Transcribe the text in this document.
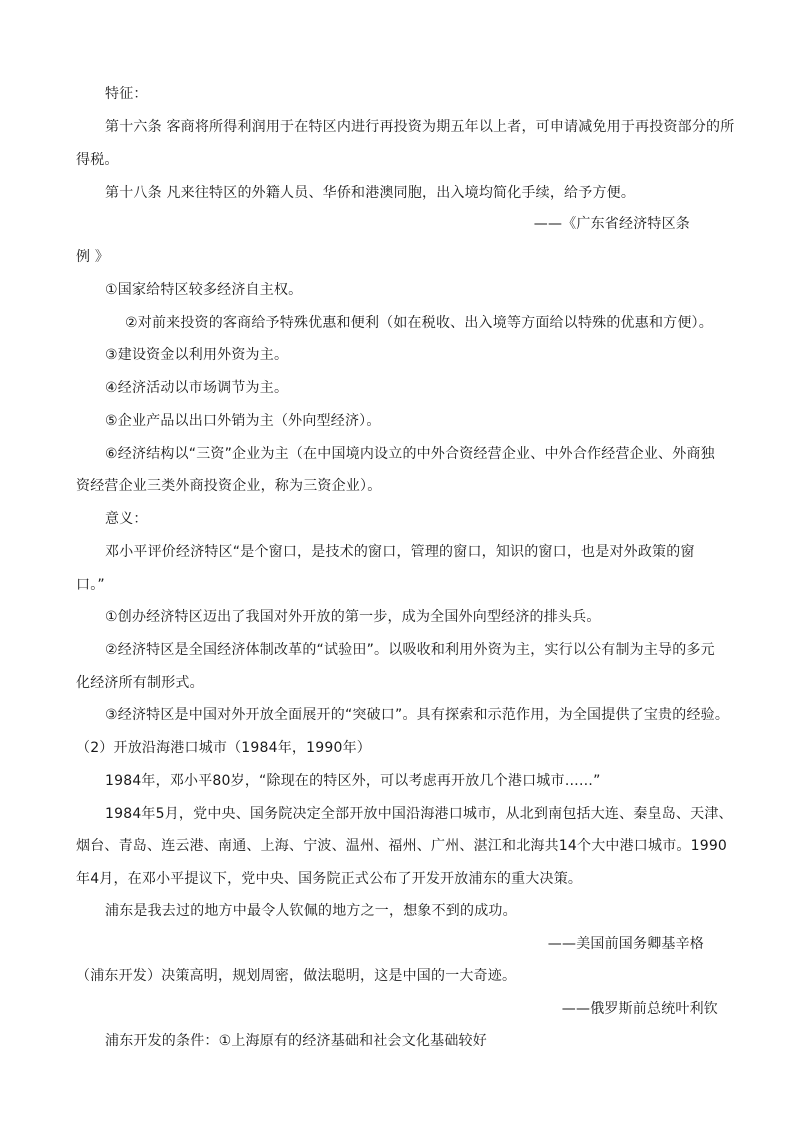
特征：
第十六条 客商将所得利润用于在特区内进行再投资为期五年以上者，可申请减免用于再投资部分的所
得税。
第十八条 凡来往特区的外籍人员、华侨和港澳同胞，出入境均简化手续，给予方便。
——《广东省经济特区条
例 》
①国家给特区较多经济自主权。
②对前来投资的客商给予特殊优惠和便利（如在税收、出入境等方面给以特殊的优惠和方便）。
③建设资金以利用外资为主。
④经济活动以市场调节为主。
⑤企业产品以出口外销为主（外向型经济）。
⑥经济结构以“三资”企业为主（在中国境内设立的中外合资经营企业、中外合作经营企业、外商独
资经营企业三类外商投资企业，称为三资企业）。
意义：
邓小平评价经济特区“是个窗口，是技术的窗口，管理的窗口，知识的窗口，也是对外政策的窗
口。”
①创办经济特区迈出了我国对外开放的第一步，成为全国外向型经济的排头兵。
②经济特区是全国经济体制改革的“试验田”。以吸收和利用外资为主，实行以公有制为主导的多元
化经济所有制形式。
③经济特区是中国对外开放全面展开的“突破口”。具有探索和示范作用，为全国提供了宝贵的经验。
（2）开放沿海港口城市（1984年，1990年）
1984年，邓小平80岁，“除现在的特区外，可以考虑再开放几个港口城市……”
1984年5月，党中央、国务院决定全部开放中国沿海港口城市，从北到南包括大连、秦皇岛、天津、
烟台、青岛、连云港、南通、上海、宁波、温州、福州、广州、湛江和北海共14个大中港口城市。1990
年4月，在邓小平提议下，党中央、国务院正式公布了开发开放浦东的重大决策。
浦东是我去过的地方中最令人钦佩的地方之一，想象不到的成功。
——美国前国务卿基辛格
（浦东开发）决策高明，规划周密，做法聪明，这是中国的一大奇迹。
——俄罗斯前总统叶利钦
浦东开发的条件：①上海原有的经济基础和社会文化基础较好
